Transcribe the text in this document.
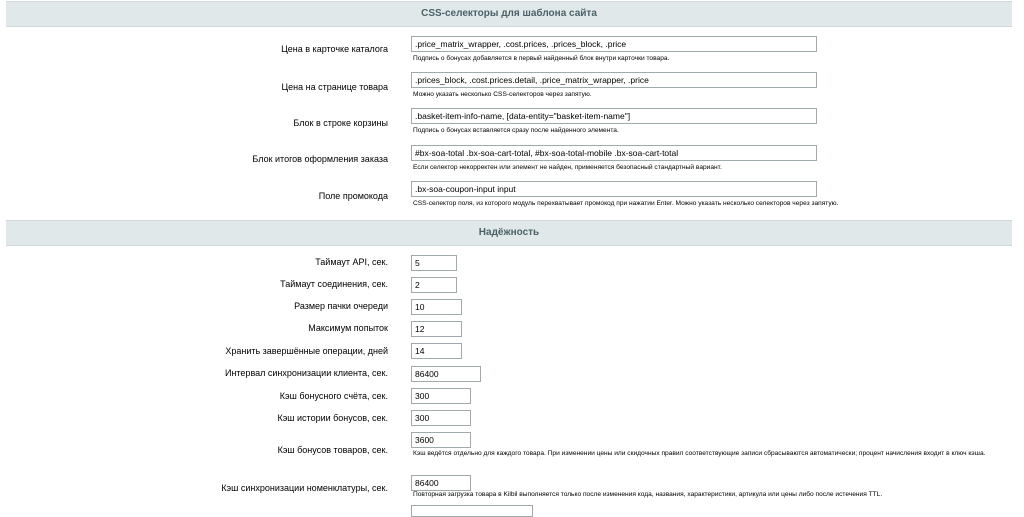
CSS-селекторы для шаблона сайта
Цена в карточке каталога
.price_matrix_wrapper, .cost.prices, .prices_block, .price
Подпись о бонусах добавляется в первый найденный блок внутри карточки товара.
Цена на странице товара
.prices_block, .cost.prices.detail, .price_matrix_wrapper, .price
Можно указать несколько CSS-селекторов через запятую.
Блок в строке корзины
.basket-item-info-name, [data-entity="basket-item-name"]
Подпись о бонусах вставляется сразу после найденного элемента.
Блок итогов оформления заказа
#bx-soa-total .bx-soa-cart-total, #bx-soa-total-mobile .bx-soa-cart-total
Если селектор некорректен или элемент не найден, применяется безопасный стандартный вариант.
Поле промокода
.bx-soa-coupon-input input
CSS-селектор поля, из которого модуль перехватывает промокод при нажатии Enter. Можно указать несколько селекторов через запятую.
Надёжность
Таймаут API, сек.
5
Таймаут соединения, сек.
2
Размер пачки очереди
10
Максимум попыток
12
Хранить завершённые операции, дней
14
Интервал синхронизации клиента, сек.
86400
Кэш бонусного счёта, сек.
300
Кэш истории бонусов, сек.
300
Кэш бонусов товаров, сек.
3600	Кэш ведётся отдельно для каждого товара. При изменении цены или скидочных правил соответствующие записи сбрасываются автоматически; процент начисления входит в ключ кэша.
Кэш синхронизации номенклатуры, сек.
86400
Повторная загрузка товара в Kilbil выполняется только после изменения кода, названия, характеристики, артикула или цены либо после истечения TTL.
